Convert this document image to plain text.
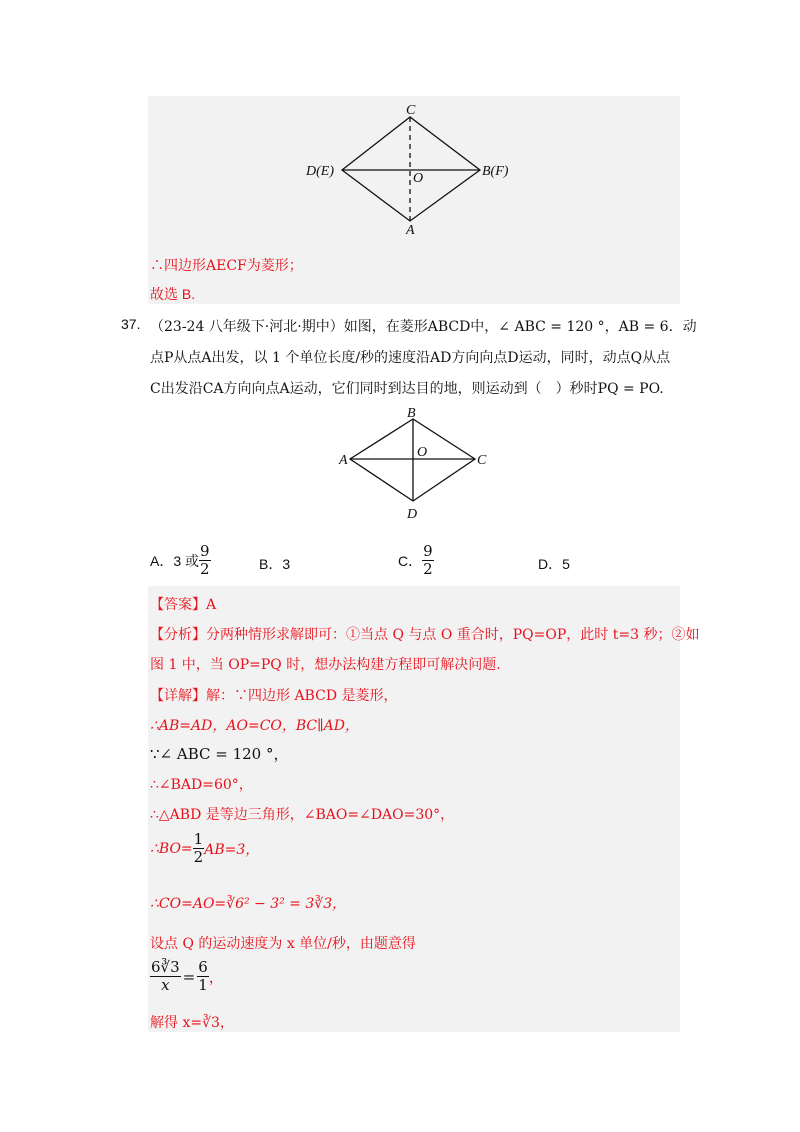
C
D(E)	O	B(F)
A
∴四边形AECF为菱形；
故选 B.
37. （23-24 八年级下·河北·期中）如图，在菱形ABCD中，∠ ABC = 120 °，AB = 6．动
点P从点A出发，以 1 个单位长度/秒的速度沿AD方向向点D运动，同时，动点Q从点
C出发沿CA方向向点A运动，它们同时到达目的地，则运动到（　）秒时PQ = PO.
B
A
O
C
D
A． 3 或 $\frac{9}{2}$	B．3	C． $\frac{9}{2}$	D．5
【答案】A
【分析】分两种情形求解即可：①当点 Q 与点 O 重合时，PQ=OP，此时 t=3 秒；②如
图 1 中，当 OP=PQ 时，想办法构建方程即可解决问题.
【详解】解：∵四边形 ABCD 是菱形，
∴AB=AD，AO=CO，BC∥AD，
∵∠ ABC = 120 °，
∴∠BAD=60°，
∴△ABD 是等边三角形，∠BAO=∠DAO=30°，
∴BO= $\frac{1}{2} AB=3$，
∴CO=AO=∛6² − 3² = 3∛3，
设点 Q 的运动速度为 x 单位/秒，由题意得
$\frac{6∛3}{x} = \frac{6}{1}$ ，
解得 x=∛3，
